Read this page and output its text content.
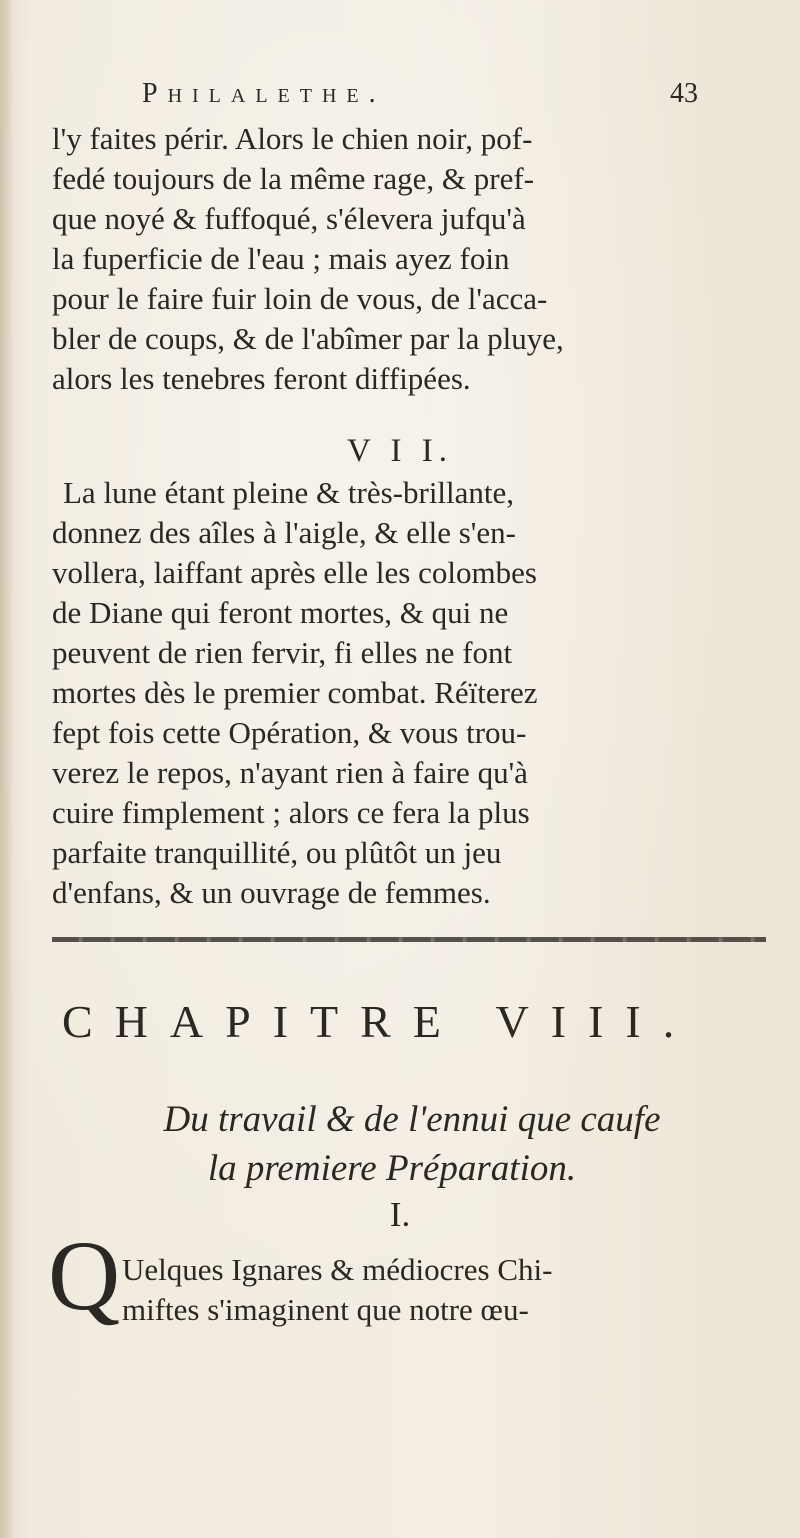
Philalethe.	43
l'y faites périr. Alors le chien noir, pof-
fedé toujours de la même rage, & pref-
que noyé & fuffoqué, s'élevera jufqu'à
la fuperficie de l'eau ; mais ayez foin
pour le faire fuir loin de vous, de l'acca-
bler de coups, & de l'abîmer par la pluye,
alors les tenebres feront diffipées.
V I I.
La lune étant pleine & très-brillante,
donnez des aîles à l'aigle, & elle s'en-
vollera, laiffant après elle les colombes
de Diane qui feront mortes, & qui ne
peuvent de rien fervir, fi elles ne font
mortes dès le premier combat. Réïterez
fept fois cette Opération, & vous trou-
verez le repos, n'ayant rien à faire qu'à
cuire fimplement ; alors ce fera la plus
parfaite tranquillité, ou plûtôt un jeu
d'enfans, & un ouvrage de femmes.
CHAPITRE VIII.
Du travail & de l'ennui que caufe
la premiere Préparation.
I.
Q Uelques Ignares & médiocres Chi-
miftes s'imaginent que notre œu-
